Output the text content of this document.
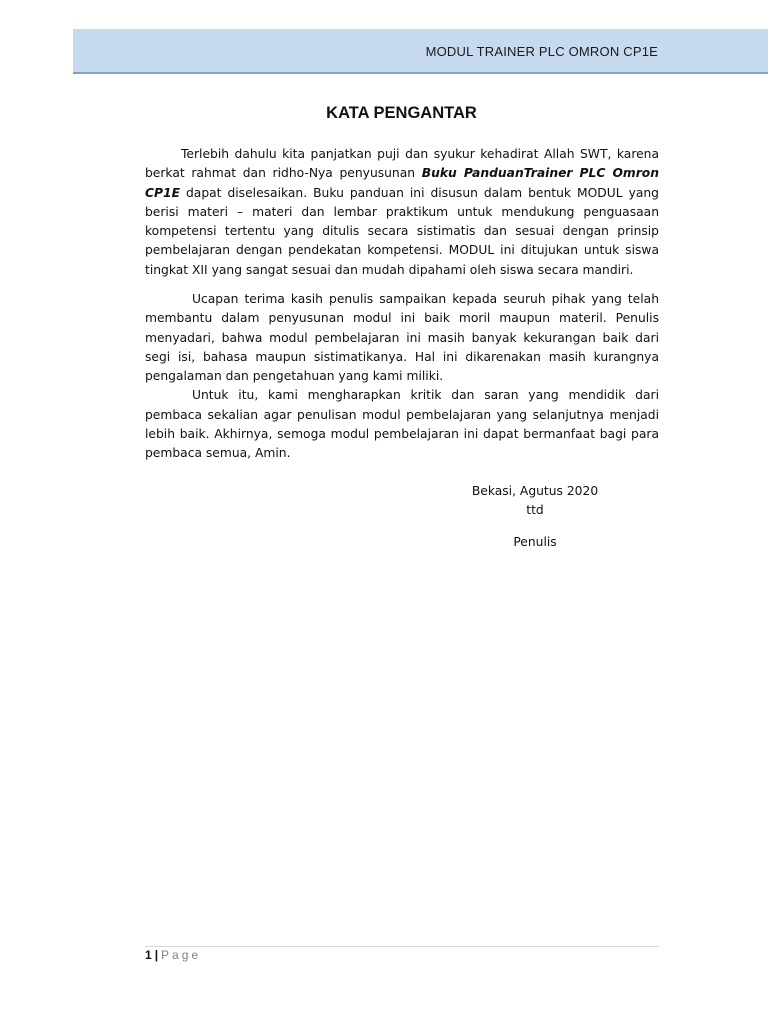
MODUL TRAINER PLC OMRON CP1E
KATA PENGANTAR

Terlebih dahulu kita panjatkan puji dan syukur kehadirat Allah SWT, karena berkat rahmat dan ridho-Nya penyusunan Buku PanduanTrainer PLC Omron CP1E dapat diselesaikan. Buku panduan ini disusun dalam bentuk MODUL yang berisi materi – materi dan lembar praktikum untuk mendukung penguasaan kompetensi tertentu yang ditulis secara sistimatis dan sesuai dengan prinsip pembelajaran dengan pendekatan kompetensi. MODUL ini ditujukan untuk siswa tingkat XII yang sangat sesuai dan mudah dipahami oleh siswa secara mandiri.

Ucapan terima kasih penulis sampaikan kepada seuruh pihak yang telah membantu dalam penyusunan modul ini baik moril maupun materil. Penulis menyadari, bahwa modul pembelajaran ini masih banyak kekurangan baik dari segi isi, bahasa maupun sistimatikanya. Hal ini dikarenakan masih kurangnya pengalaman dan pengetahuan yang kami miliki.

Untuk itu, kami mengharapkan kritik dan saran yang mendidik dari pembaca sekalian agar penulisan modul pembelajaran yang selanjutnya menjadi lebih baik. Akhirnya, semoga modul pembelajaran ini dapat bermanfaat bagi para pembaca semua, Amin.

Bekasi, Agutus 2020
ttd
Penulis
1 | Page
